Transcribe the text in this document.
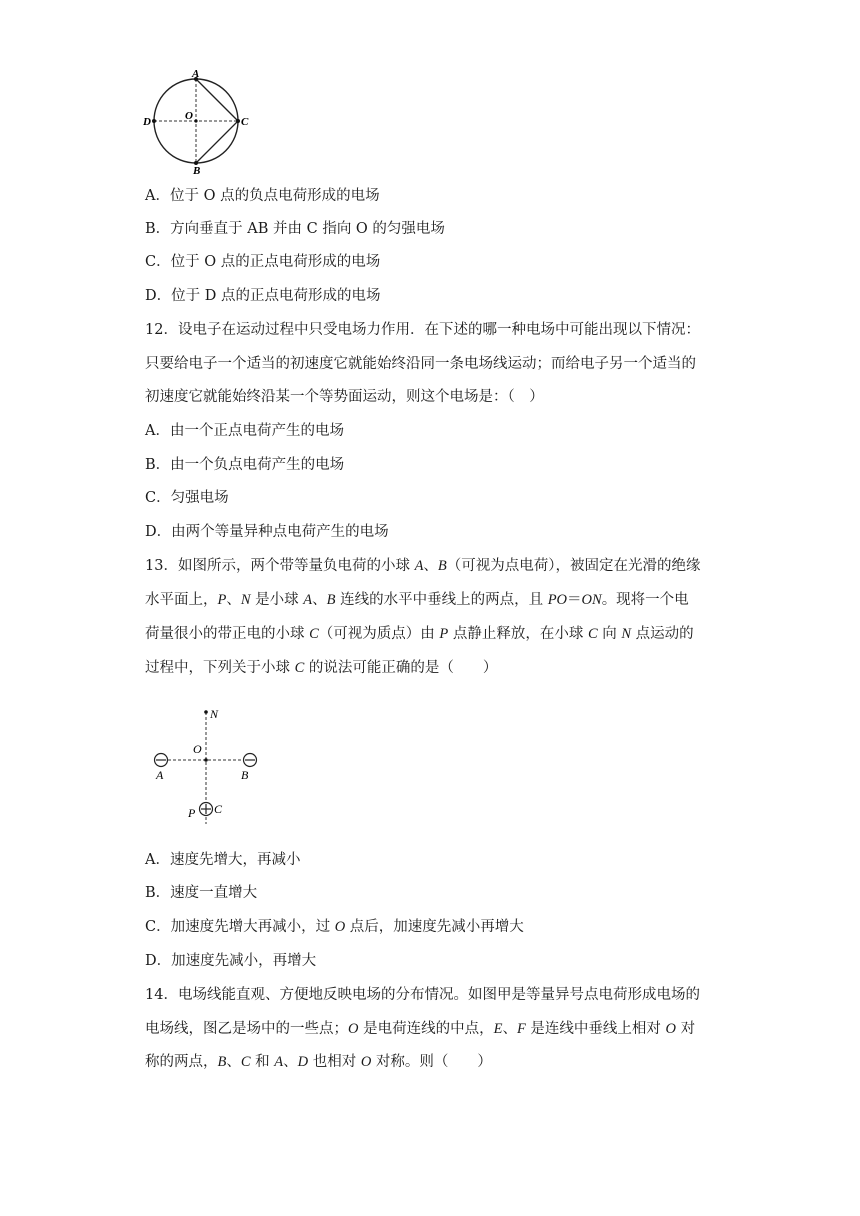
A
B
C
D	O
A．位于 O 点的负点电荷形成的电场
B．方向垂直于 AB 并由 C 指向 O 的匀强电场
C．位于 O 点的正点电荷形成的电场
D．位于 D 点的正点电荷形成的电场
12．设电子在运动过程中只受电场力作用．在下述的哪一种电场中可能出现以下情况：
只要给电子一个适当的初速度它就能始终沿同一条电场线运动；而给电子另一个适当的
初速度它就能始终沿某一个等势面运动，则这个电场是：（　）
A．由一个正点电荷产生的电场
B．由一个负点电荷产生的电场
C．匀强电场
D．由两个等量异种点电荷产生的电场
13．如图所示，两个带等量负电荷的小球 A、B（可视为点电荷），被固定在光滑的绝缘
水平面上，P、N 是小球 A、B 连线的水平中垂线上的两点，且 PO＝ON。现将一个电
荷量很小的带正电的小球 C（可视为质点）由 P 点静止释放，在小球 C 向 N 点运动的
过程中，下列关于小球 C 的说法可能正确的是（　　）
N
O
A	B
P C
A．速度先增大，再减小
B．速度一直增大
C．加速度先增大再减小，过 O 点后，加速度先减小再增大
D．加速度先减小，再增大
14．电场线能直观、方便地反映电场的分布情况。如图甲是等量异号点电荷形成电场的
电场线，图乙是场中的一些点；O 是电荷连线的中点，E、F 是连线中垂线上相对 O 对
称的两点，B、C 和 A、D 也相对 O 对称。则（　　）
